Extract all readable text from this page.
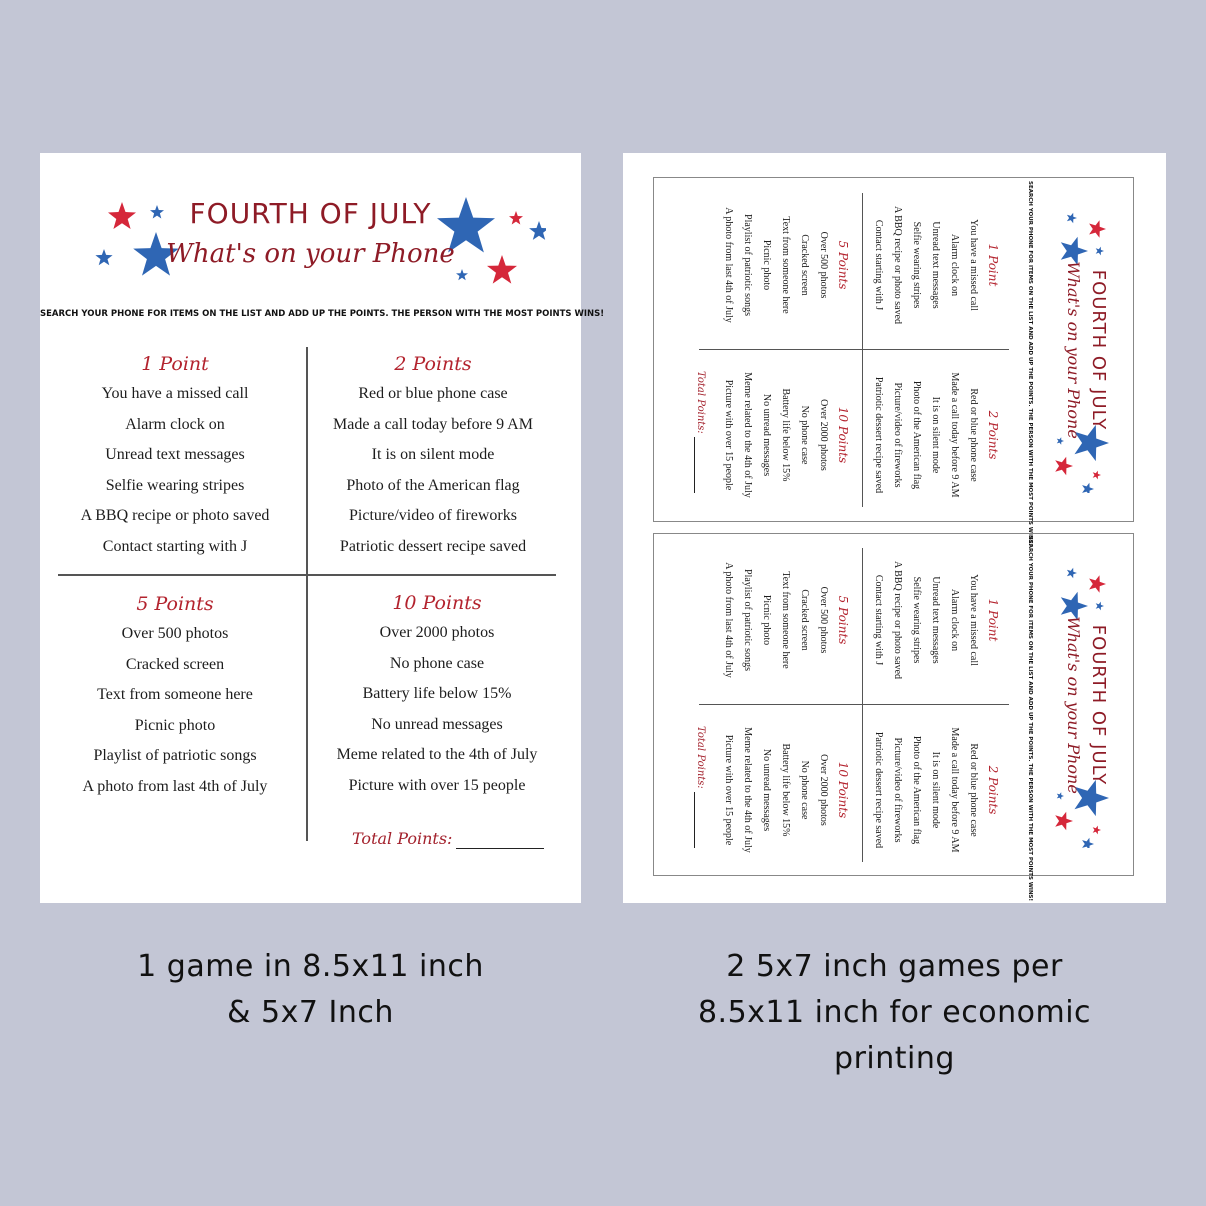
FOURTH OF JULY
What's on your Phone
SEARCH YOUR PHONE FOR ITEMS ON THE LIST AND ADD UP THE POINTS. THE PERSON WITH THE MOST POINTS WINS!
1 Point
You have a missed call
Alarm clock on
Unread text messages
Selfie wearing stripes
A BBQ recipe or photo saved
Contact starting with J
2 Points
Red or blue phone case
Made a call today before 9 AM
It is on silent mode
Photo of the American flag
Picture/video of fireworks
Patriotic dessert recipe saved
5 Points
Over 500 photos
Cracked screen
Text from someone here
Picnic photo
Playlist of patriotic songs
A photo from last 4th of July
10 Points
Over 2000 photos
No phone case
Battery life below 15%
No unread messages
Meme related to the 4th of July
Picture with over 15 people
Total Points:
FOURTH OF JULY
What's on your Phone
SEARCH YOUR PHONE FOR ITEMS ON THE LIST AND ADD UP THE POINTS. THE PERSON WITH THE MOST POINTS WINS!
1 Point
You have a missed call
Alarm clock on
Unread text messages
Selfie wearing stripes
A BBQ recipe or photo saved
Contact starting with J
2 Points
Red or blue phone case
Made a call today before 9 AM
It is on silent mode
Photo of the American flag
Picture/video of fireworks
Patriotic dessert recipe saved
5 Points
Over 500 photos
Cracked screen
Text from someone here
Picnic photo
Playlist of patriotic songs
A photo from last 4th of July
10 Points
Over 2000 photos
No phone case
Battery life below 15%
No unread messages
Meme related to the 4th of July
Picture with over 15 people
Total Points:
FOURTH OF JULY
What's on your Phone
SEARCH YOUR PHONE FOR ITEMS ON THE LIST AND ADD UP THE POINTS. THE PERSON WITH THE MOST POINTS WINS!
1 Point
You have a missed call
Alarm clock on
Unread text messages
Selfie wearing stripes
A BBQ recipe or photo saved
Contact starting with J
2 Points
Red or blue phone case
Made a call today before 9 AM
It is on silent mode
Photo of the American flag
Picture/video of fireworks
Patriotic dessert recipe saved
5 Points
Over 500 photos
Cracked screen
Text from someone here
Picnic photo
Playlist of patriotic songs
A photo from last 4th of July
10 Points
Over 2000 photos
No phone case
Battery life below 15%
No unread messages
Meme related to the 4th of July
Picture with over 15 people
Total Points:
1 game in 8.5x11 inch
& 5x7 Inch
2 5x7 inch games per
8.5x11 inch for economic
printing
